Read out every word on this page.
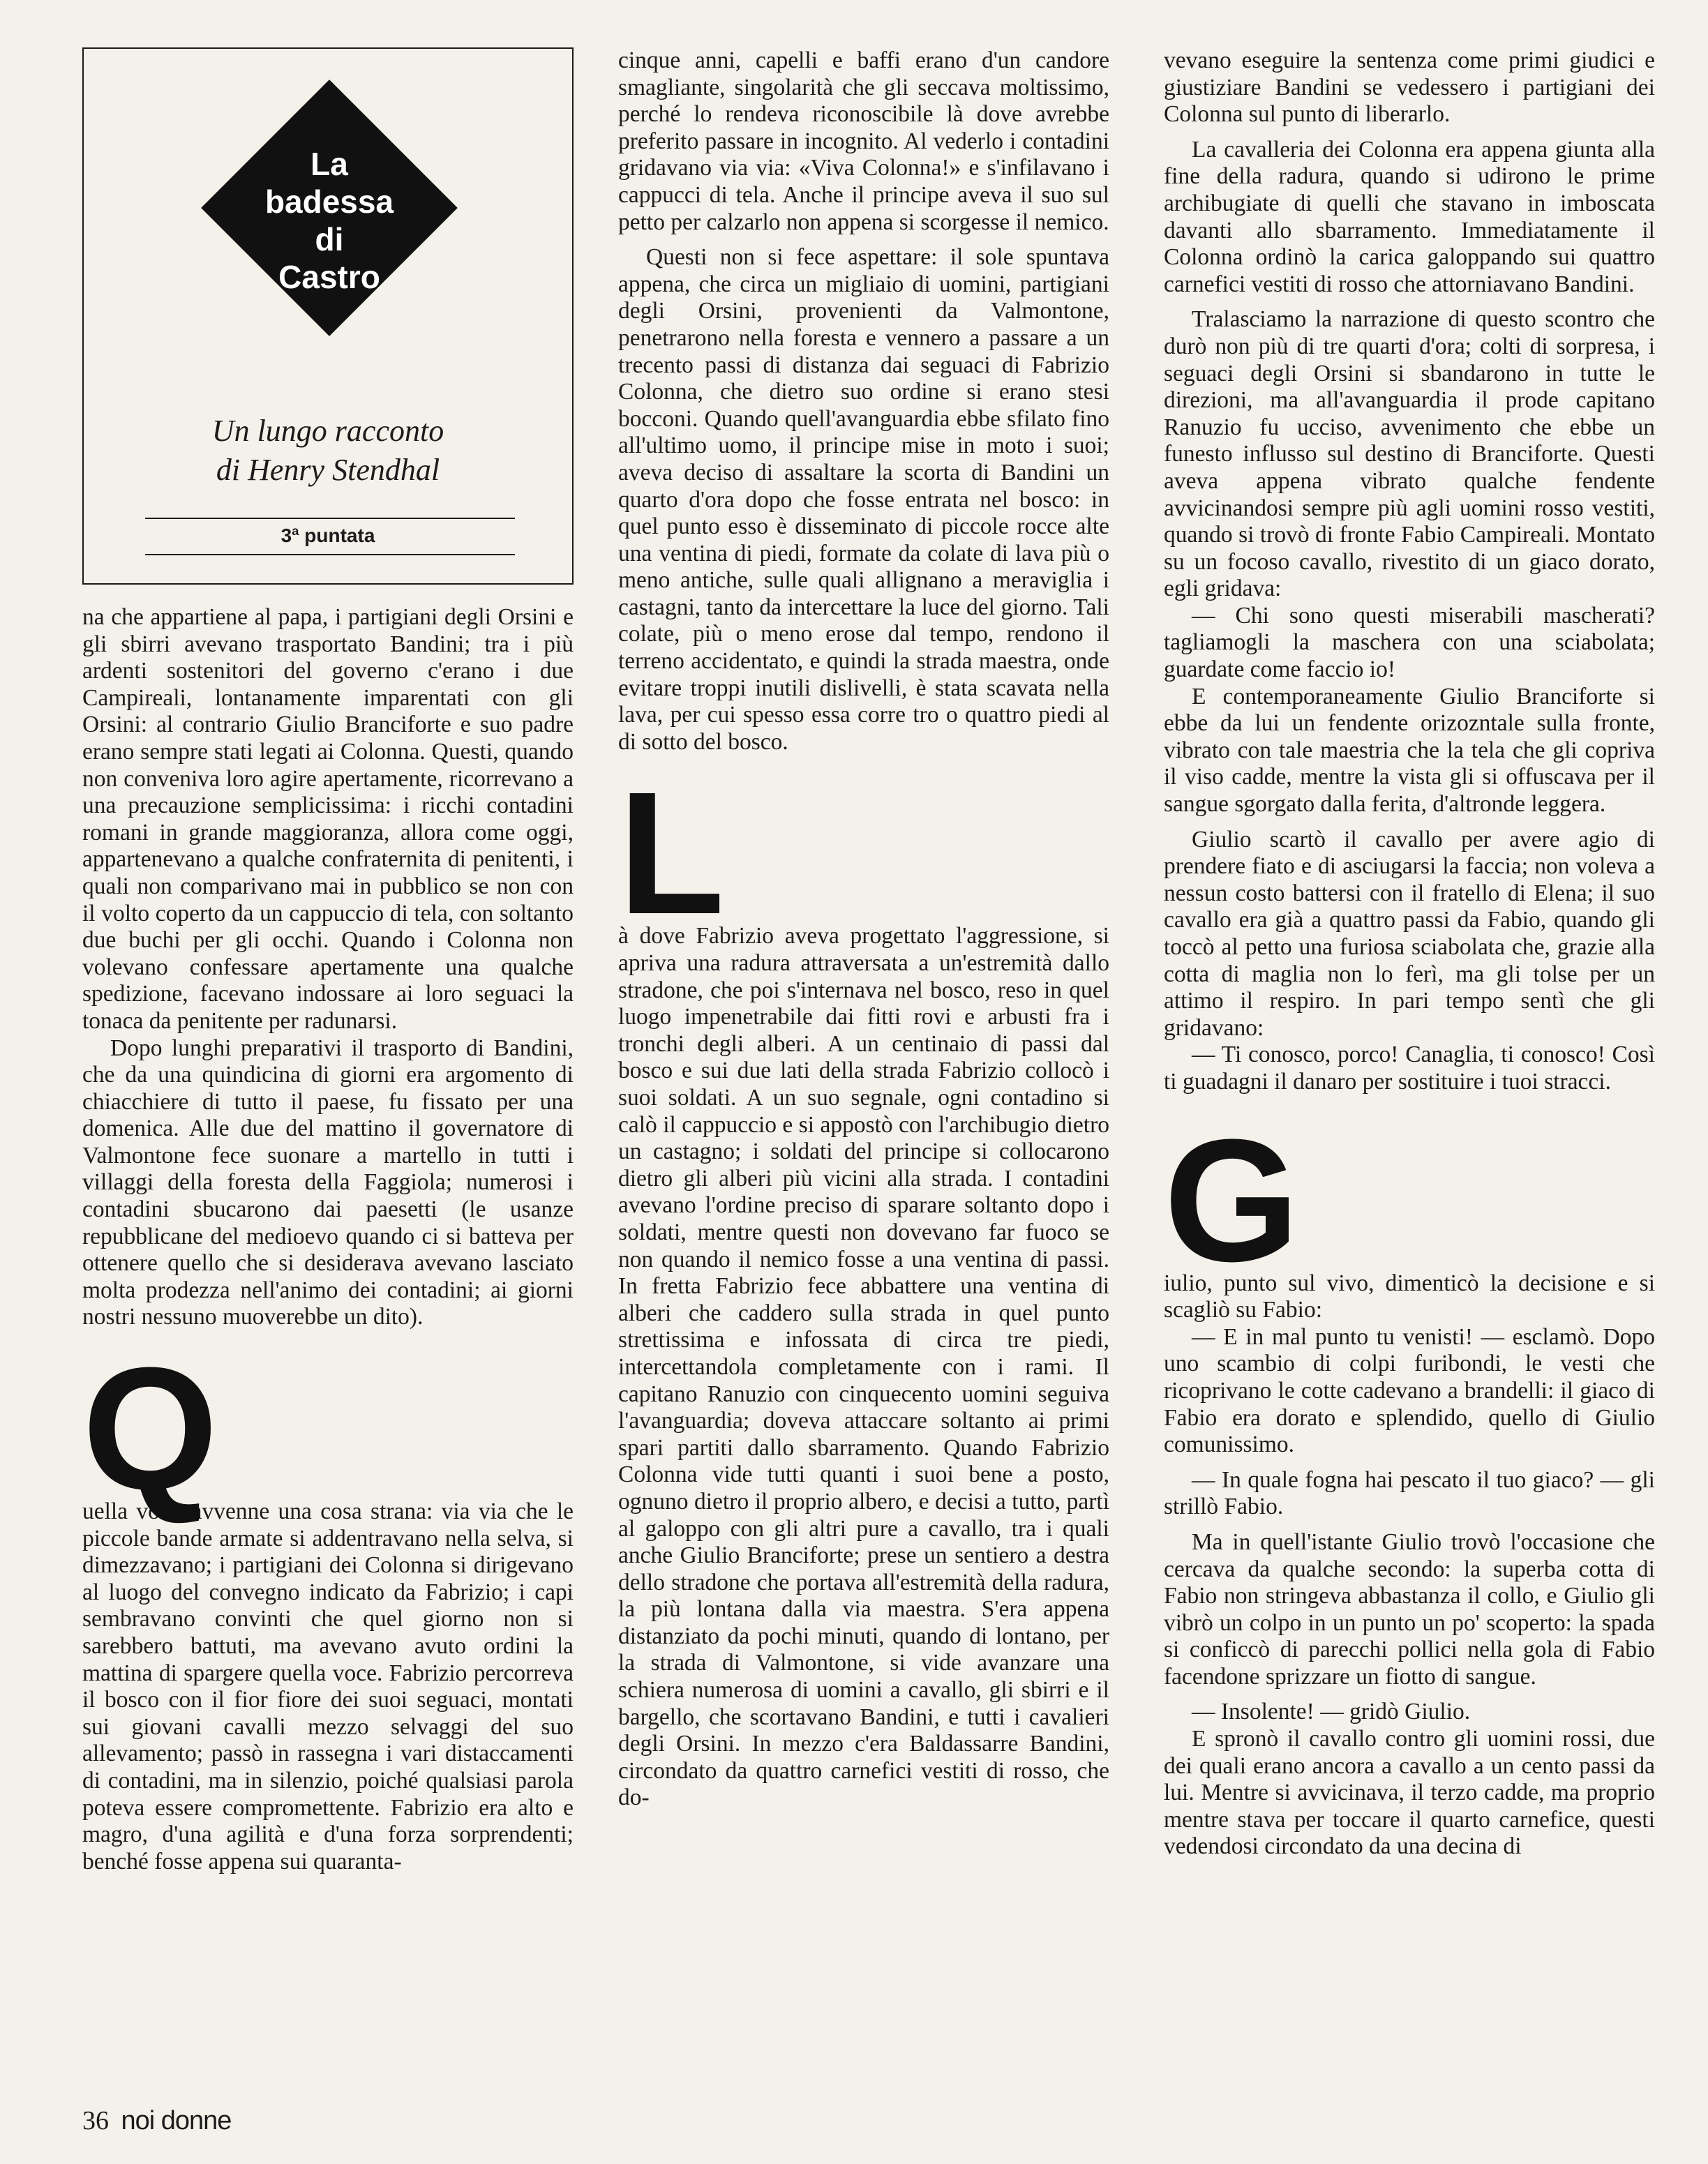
La
badessa
di
Castro
Un lungo racconto
di Henry Stendhal
3ª puntata

na che appartiene al papa, i partigiani degli Orsini e gli sbirri avevano trasportato Bandini; tra i più ardenti sostenitori del governo c'erano i due Campireali, lontanamente imparentati con gli Orsini: al contrario Giulio Branciforte e suo padre erano sempre stati legati ai Colonna. Questi, quando non conveniva loro agire apertamente, ricorrevano a una precauzione semplicissima: i ricchi contadini romani in grande maggioranza, allora come oggi, appartenevano a qualche confraternita di penitenti, i quali non comparivano mai in pubblico se non con il volto coperto da un cappuccio di tela, con soltanto due buchi per gli occhi. Quando i Colonna non volevano confessare apertamente una qualche spedizione, facevano indossare ai loro seguaci la tonaca da penitente per radunarsi.

Dopo lunghi preparativi il trasporto di Bandini, che da una quindicina di giorni era argomento di chiacchiere di tutto il paese, fu fissato per una domenica. Alle due del mattino il governatore di Valmontone fece suonare a martello in tutti i villaggi della foresta della Faggiola; numerosi i contadini sbucarono dai paesetti (le usanze repubblicane del medioevo quando ci si batteva per ottenere quello che si desiderava avevano lasciato molta prodezza nell'animo dei contadini; ai giorni nostri nessuno muoverebbe un dito).

Q

uella volta avvenne una cosa strana: via via che le piccole bande armate si addentravano nella selva, si dimezzavano; i partigiani dei Colonna si dirigevano al luogo del convegno indicato da Fabrizio; i capi sembravano convinti che quel giorno non si sarebbero battuti, ma avevano avuto ordini la mattina di spargere quella voce. Fabrizio percorreva il bosco con il fior fiore dei suoi seguaci, montati sui giovani cavalli mezzo selvaggi del suo allevamento; passò in rassegna i vari distaccamenti di contadini, ma in silenzio, poiché qualsiasi parola poteva essere compromettente. Fabrizio era alto e magro, d'una agilità e d'una forza sorprendenti; benché fosse appena sui quaranta-

cinque anni, capelli e baffi erano d'un candore smagliante, singolarità che gli seccava moltissimo, perché lo rendeva riconoscibile là dove avrebbe preferito passare in incognito. Al vederlo i contadini gridavano via via: «Viva Colonna!» e s'infilavano i cappucci di tela. Anche il principe aveva il suo sul petto per calzarlo non appena si scorgesse il nemico.

Questi non si fece aspettare: il sole spuntava appena, che circa un migliaio di uomini, partigiani degli Orsini, provenienti da Valmontone, penetrarono nella foresta e vennero a passare a un trecento passi di distanza dai seguaci di Fabrizio Colonna, che dietro suo ordine si erano stesi bocconi. Quando quell'avanguardia ebbe sfilato fino all'ultimo uomo, il principe mise in moto i suoi; aveva deciso di assaltare la scorta di Bandini un quarto d'ora dopo che fosse entrata nel bosco: in quel punto esso è disseminato di piccole rocce alte una ventina di piedi, formate da colate di lava più o meno antiche, sulle quali allignano a meraviglia i castagni, tanto da intercettare la luce del giorno. Tali colate, più o meno erose dal tempo, rendono il terreno accidentato, e quindi la strada maestra, onde evitare troppi inutili dislivelli, è stata scavata nella lava, per cui spesso essa corre tro o quattro piedi al di sotto del bosco.

L

à dove Fabrizio aveva progettato l'aggressione, si apriva una radura attraversata a un'estremità dallo stradone, che poi s'internava nel bosco, reso in quel luogo impenetrabile dai fitti rovi e arbusti fra i tronchi degli alberi. A un centinaio di passi dal bosco e sui due lati della strada Fabrizio collocò i suoi soldati. A un suo segnale, ogni contadino si calò il cappuccio e si appostò con l'archibugio dietro un castagno; i soldati del principe si collocarono dietro gli alberi più vicini alla strada. I contadini avevano l'ordine preciso di sparare soltanto dopo i soldati, mentre questi non dovevano far fuoco se non quando il nemico fosse a una ventina di passi. In fretta Fabrizio fece abbattere una ventina di alberi che caddero sulla strada in quel punto strettissima e infossata di circa tre piedi, intercettandola completamente con i rami. Il capitano Ranuzio con cinquecento uomini seguiva l'avanguardia; doveva attaccare soltanto ai primi spari partiti dallo sbarramento. Quando Fabrizio Colonna vide tutti quanti i suoi bene a posto, ognuno dietro il proprio albero, e decisi a tutto, partì al galoppo con gli altri pure a cavallo, tra i quali anche Giulio Branciforte; prese un sentiero a destra dello stradone che portava all'estremità della radura, la più lontana dalla via maestra. S'era appena distanziato da pochi minuti, quando di lontano, per la strada di Valmontone, si vide avanzare una schiera numerosa di uomini a cavallo, gli sbirri e il bargello, che scortavano Bandini, e tutti i cavalieri degli Orsini. In mezzo c'era Baldassarre Bandini, circondato da quattro carnefici vestiti di rosso, che do-

vevano eseguire la sentenza come primi giudici e giustiziare Bandini se vedessero i partigiani dei Colonna sul punto di liberarlo.

La cavalleria dei Colonna era appena giunta alla fine della radura, quando si udirono le prime archibugiate di quelli che stavano in imboscata davanti allo sbarramento. Immediatamente il Colonna ordinò la carica galoppando sui quattro carnefici vestiti di rosso che attorniavano Bandini.

Tralasciamo la narrazione di questo scontro che durò non più di tre quarti d'ora; colti di sorpresa, i seguaci degli Orsini si sbandarono in tutte le direzioni, ma all'avanguardia il prode capitano Ranuzio fu ucciso, avvenimento che ebbe un funesto influsso sul destino di Branciforte. Questi aveva appena vibrato qualche fendente avvicinandosi sempre più agli uomini rosso vestiti, quando si trovò di fronte Fabio Campireali. Montato su un focoso cavallo, rivestito di un giaco dorato, egli gridava:

— Chi sono questi miserabili mascherati? tagliamogli la maschera con una sciabolata; guardate come faccio io!

E contemporaneamente Giulio Branciforte si ebbe da lui un fendente orizozntale sulla fronte, vibrato con tale maestria che la tela che gli copriva il viso cadde, mentre la vista gli si offuscava per il sangue sgorgato dalla ferita, d'altronde leggera.

Giulio scartò il cavallo per avere agio di prendere fiato e di asciugarsi la faccia; non voleva a nessun costo battersi con il fratello di Elena; il suo cavallo era già a quattro passi da Fabio, quando gli toccò al petto una furiosa sciabolata che, grazie alla cotta di maglia non lo ferì, ma gli tolse per un attimo il respiro. In pari tempo sentì che gli gridavano:

— Ti conosco, porco! Canaglia, ti conosco! Così ti guadagni il danaro per sostituire i tuoi stracci.

G

iulio, punto sul vivo, dimenticò la decisione e si scagliò su Fabio:

— E in mal punto tu venisti! — esclamò. Dopo uno scambio di colpi furibondi, le vesti che ricoprivano le cotte cadevano a brandelli: il giaco di Fabio era dorato e splendido, quello di Giulio comunissimo.

— In quale fogna hai pescato il tuo giaco? — gli strillò Fabio.

Ma in quell'istante Giulio trovò l'occasione che cercava da qualche secondo: la superba cotta di Fabio non stringeva abbastanza il collo, e Giulio gli vibrò un colpo in un punto un po' scoperto: la spada si conficcò di parecchi pollici nella gola di Fabio facendone sprizzare un fiotto di sangue.

— Insolente! — gridò Giulio.

E spronò il cavallo contro gli uomini rossi, due dei quali erano ancora a cavallo a un cento passi da lui. Mentre si avvicinava, il terzo cadde, ma proprio mentre stava per toccare il quarto carnefice, questi vedendosi circondato da una decina di

36 noi donne
